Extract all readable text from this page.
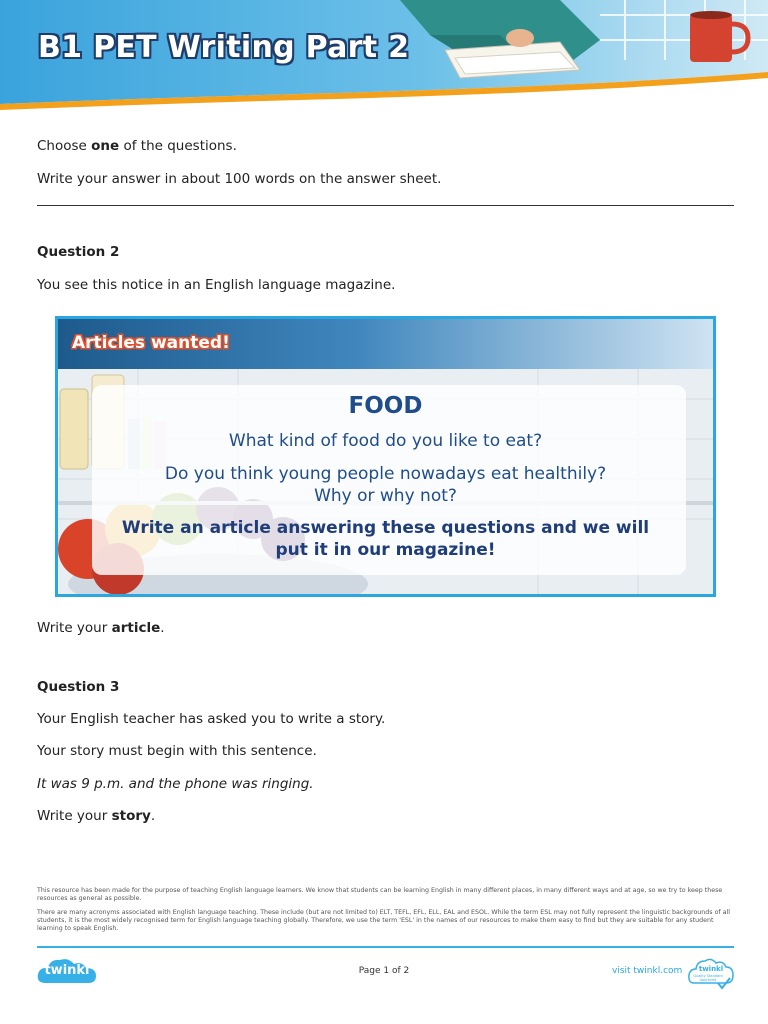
B1 PET Writing Part 2
Choose one of the questions.
Write your answer in about 100 words on the answer sheet.
Question 2
You see this notice in an English language magazine.
Articles wanted!
FOOD
What kind of food do you like to eat?
Do you think young people nowadays eat healthily?
Why or why not?
Write an article answering these questions and we will
put it in our magazine!
Write your article.
Question 3
Your English teacher has asked you to write a story.
Your story must begin with this sentence.
It was 9 p.m. and the phone was ringing.
Write your story.
This resource has been made for the purpose of teaching English language learners. We know that students can be learning English in many different places, in many different ways and at age, so we try to keep these resources as general as possible.
There are many acronyms associated with English language teaching. These include (but are not limited to) ELT, TEFL, EFL, ELL, EAL and ESOL. While the term ESL may not fully represent the linguistic backgrounds of all students, it is the most widely recognised term for English language teaching globally. Therefore, we use the term 'ESL' in the names of our resources to make them easy to find but they are suitable for any student learning to speak English.
twinkl	Page 1 of 2	visit twinkl.com	twinkl
Quality Standard Approved
